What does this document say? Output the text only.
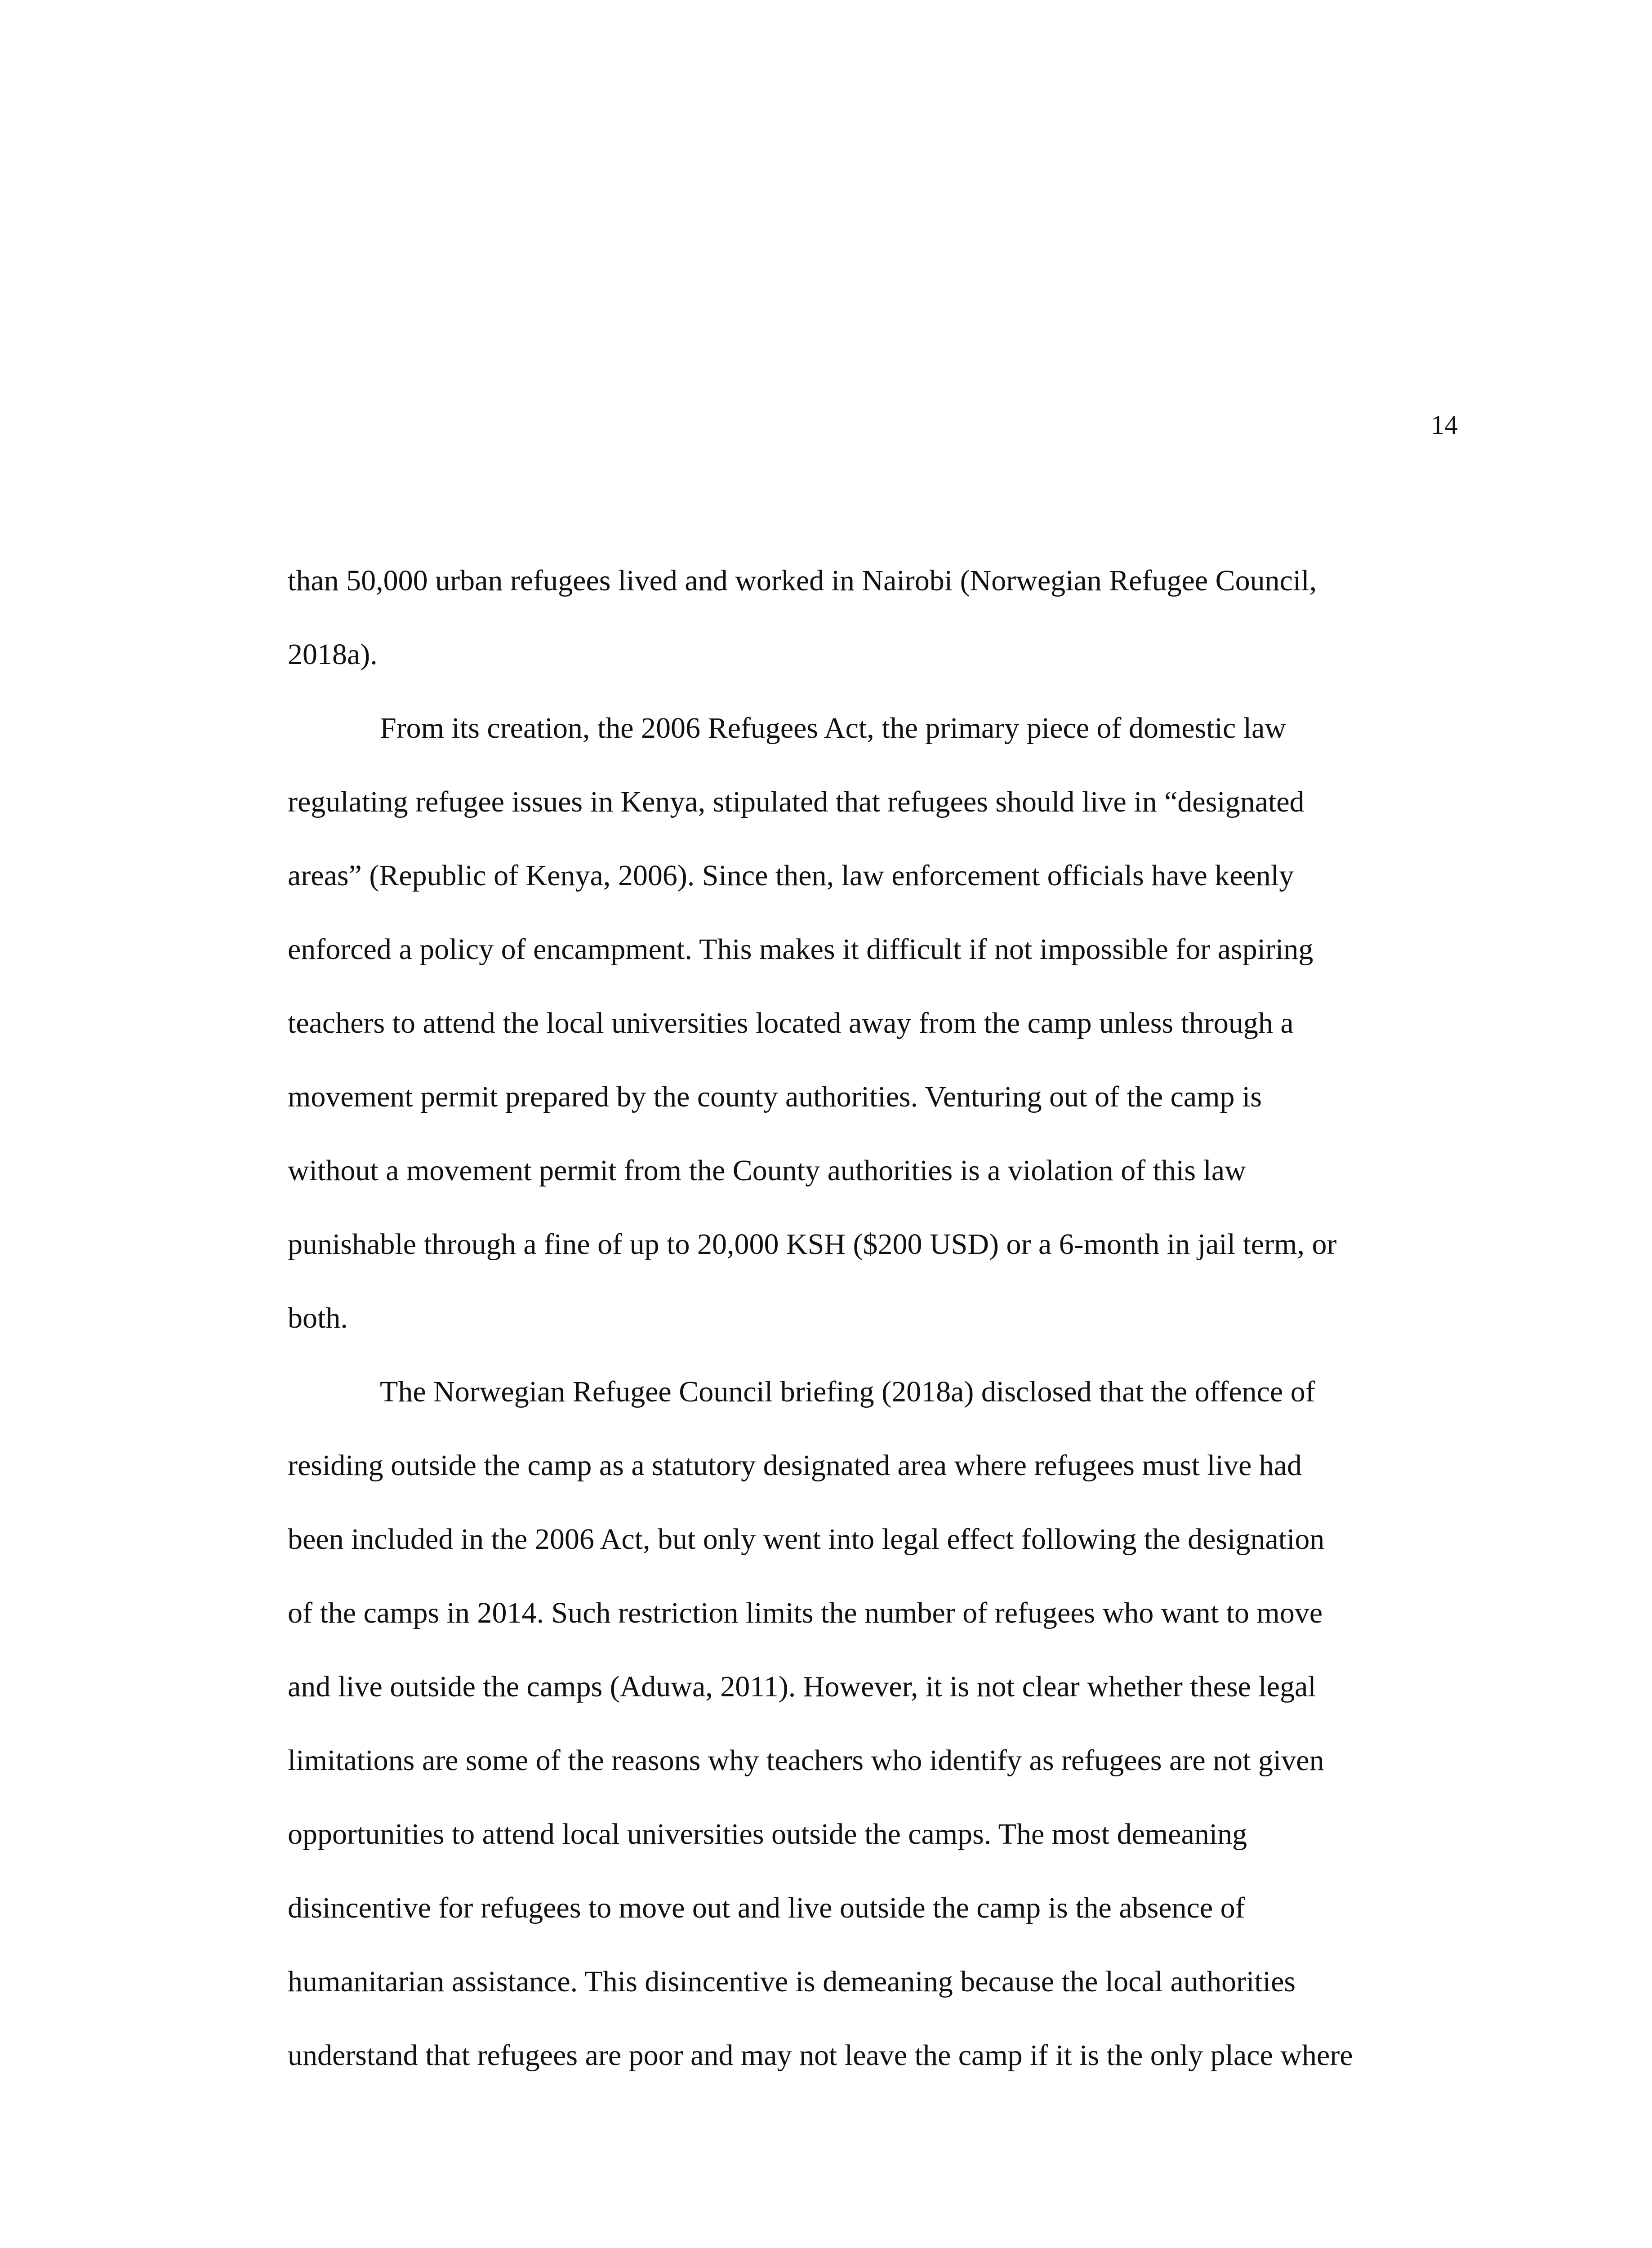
14

than 50,000 urban refugees lived and worked in Nairobi (Norwegian Refugee Council,
2018a).

From its creation, the 2006 Refugees Act, the primary piece of domestic law
regulating refugee issues in Kenya, stipulated that refugees should live in “designated
areas” (Republic of Kenya, 2006). Since then, law enforcement officials have keenly
enforced a policy of encampment. This makes it difficult if not impossible for aspiring
teachers to attend the local universities located away from the camp unless through a
movement permit prepared by the county authorities. Venturing out of the camp is
without a movement permit from the County authorities is a violation of this law
punishable through a fine of up to 20,000 KSH ($200 USD) or a 6-month in jail term, or
both.

The Norwegian Refugee Council briefing (2018a) disclosed that the offence of
residing outside the camp as a statutory designated area where refugees must live had
been included in the 2006 Act, but only went into legal effect following the designation
of the camps in 2014. Such restriction limits the number of refugees who want to move
and live outside the camps (Aduwa, 2011). However, it is not clear whether these legal
limitations are some of the reasons why teachers who identify as refugees are not given
opportunities to attend local universities outside the camps. The most demeaning
disincentive for refugees to move out and live outside the camp is the absence of
humanitarian assistance. This disincentive is demeaning because the local authorities
understand that refugees are poor and may not leave the camp if it is the only place where
